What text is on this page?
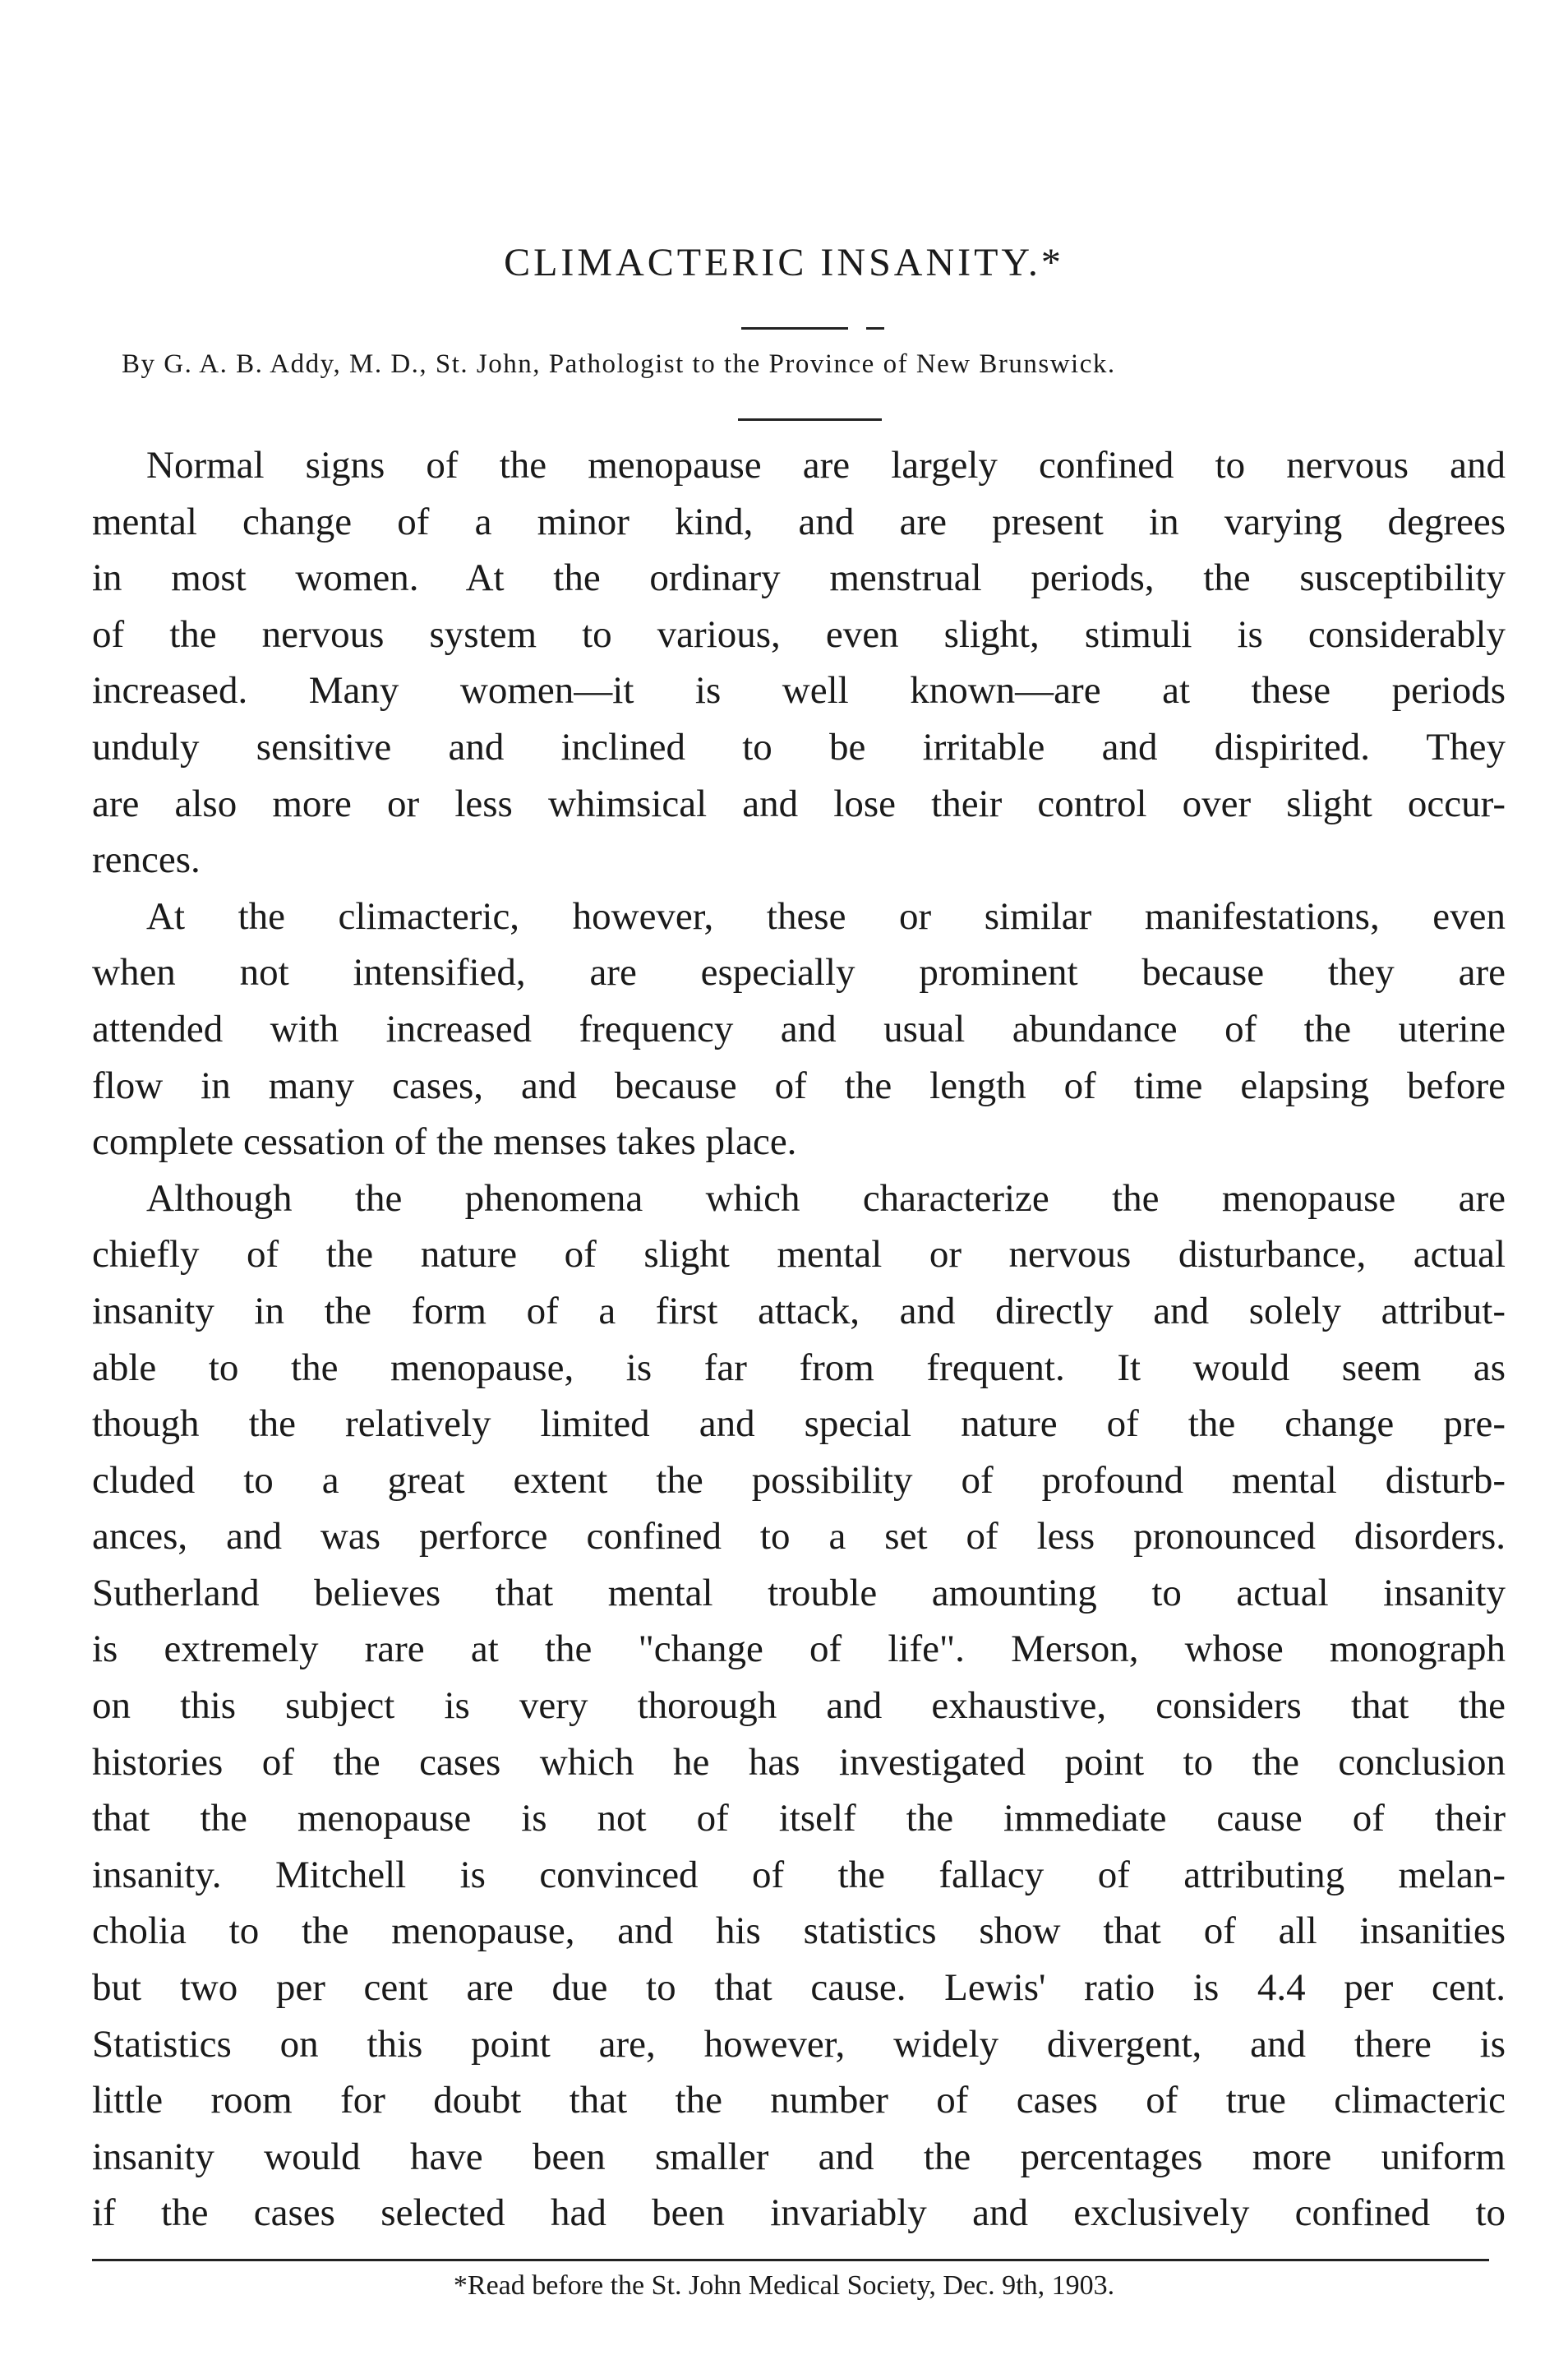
CLIMACTERIC INSANITY.*
By G. A. B. Addy, M. D., St. John, Pathologist to the Province of New Brunswick.
Normal signs of the menopause are largely confined to nervous and
mental change of a minor kind, and are present in varying degrees
in most women. At the ordinary menstrual periods, the susceptibility
of the nervous system to various, even slight, stimuli is considerably
increased. Many women—it is well known—are at these periods
unduly sensitive and inclined to be irritable and dispirited. They
are also more or less whimsical and lose their control over slight occur-
rences.
At the climacteric, however, these or similar manifestations, even
when not intensified, are especially prominent because they are
attended with increased frequency and usual abundance of the uterine
flow in many cases, and because of the length of time elapsing before
complete cessation of the menses takes place.
Although the phenomena which characterize the menopause are
chiefly of the nature of slight mental or nervous disturbance, actual
insanity in the form of a first attack, and directly and solely attribut-
able to the menopause, is far from frequent. It would seem as
though the relatively limited and special nature of the change pre-
cluded to a great extent the possibility of profound mental disturb-
ances, and was perforce confined to a set of less pronounced disorders.
Sutherland believes that mental trouble amounting to actual insanity
is extremely rare at the "change of life". Merson, whose monograph
on this subject is very thorough and exhaustive, considers that the
histories of the cases which he has investigated point to the conclusion
that the menopause is not of itself the immediate cause of their
insanity. Mitchell is convinced of the fallacy of attributing melan-
cholia to the menopause, and his statistics show that of all insanities
but two per cent are due to that cause. Lewis' ratio is 4.4 per cent.
Statistics on this point are, however, widely divergent, and there is
little room for doubt that the number of cases of true climacteric
insanity would have been smaller and the percentages more uniform
if the cases selected had been invariably and exclusively confined to
*Read before the St. John Medical Society, Dec. 9th, 1903.
